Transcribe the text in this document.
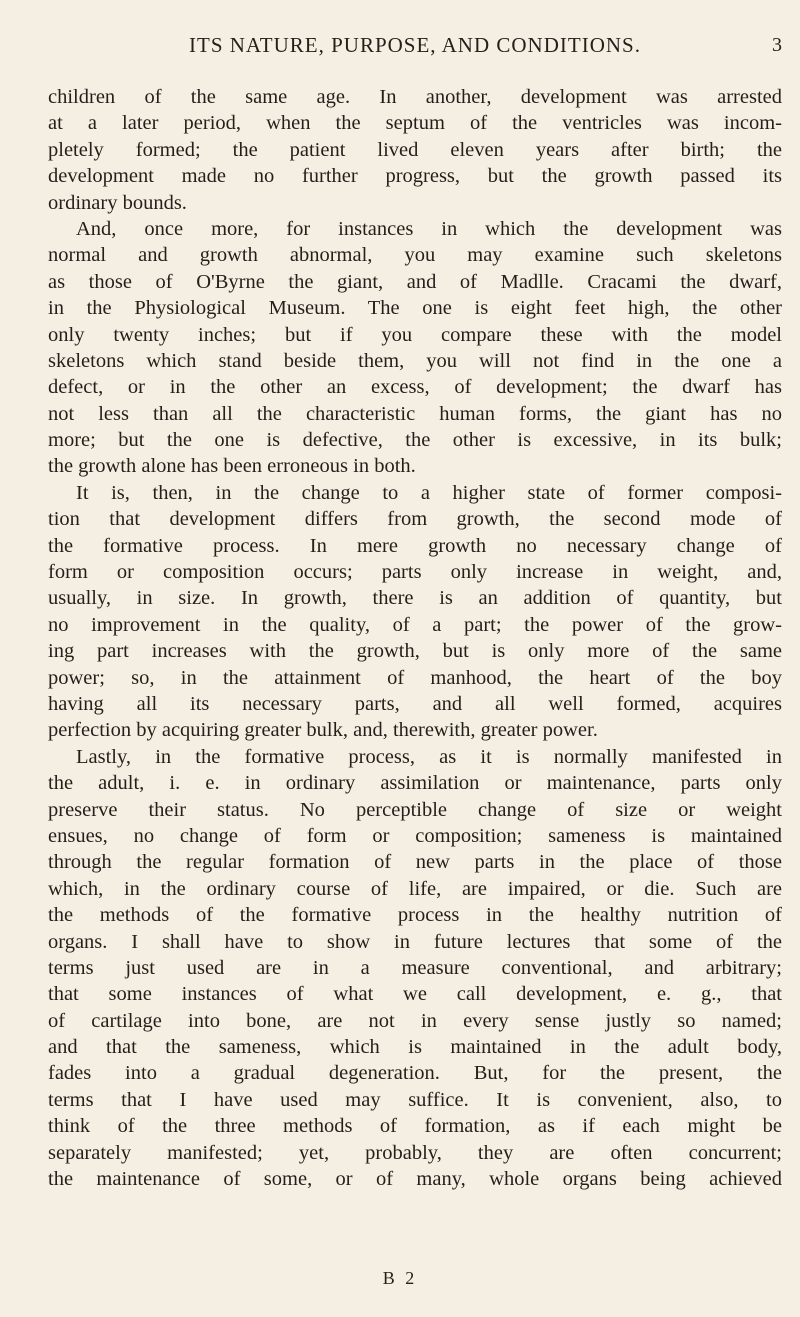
ITS NATURE, PURPOSE, AND CONDITIONS.	3
children of the same age. In another, development was arrested
at a later period, when the septum of the ventricles was incom-
pletely formed; the patient lived eleven years after birth; the
development made no further progress, but the growth passed its
ordinary bounds.
And, once more, for instances in which the development was
normal and growth abnormal, you may examine such skeletons
as those of O'Byrne the giant, and of Madlle. Cracami the dwarf,
in the Physiological Museum. The one is eight feet high, the other
only twenty inches; but if you compare these with the model
skeletons which stand beside them, you will not find in the one a
defect, or in the other an excess, of development; the dwarf has
not less than all the characteristic human forms, the giant has no
more; but the one is defective, the other is excessive, in its bulk;
the growth alone has been erroneous in both.
It is, then, in the change to a higher state of former composi-
tion that development differs from growth, the second mode of
the formative process. In mere growth no necessary change of
form or composition occurs; parts only increase in weight, and,
usually, in size. In growth, there is an addition of quantity, but
no improvement in the quality, of a part; the power of the grow-
ing part increases with the growth, but is only more of the same
power; so, in the attainment of manhood, the heart of the boy
having all its necessary parts, and all well formed, acquires
perfection by acquiring greater bulk, and, therewith, greater power.
Lastly, in the formative process, as it is normally manifested in
the adult, i. e. in ordinary assimilation or maintenance, parts only
preserve their status. No perceptible change of size or weight
ensues, no change of form or composition; sameness is maintained
through the regular formation of new parts in the place of those
which, in the ordinary course of life, are impaired, or die. Such are
the methods of the formative process in the healthy nutrition of
organs. I shall have to show in future lectures that some of the
terms just used are in a measure conventional, and arbitrary;
that some instances of what we call development, e. g., that
of cartilage into bone, are not in every sense justly so named;
and that the sameness, which is maintained in the adult body,
fades into a gradual degeneration. But, for the present, the
terms that I have used may suffice. It is convenient, also, to
think of the three methods of formation, as if each might be
separately manifested; yet, probably, they are often concurrent;
the maintenance of some, or of many, whole organs being achieved
B 2
